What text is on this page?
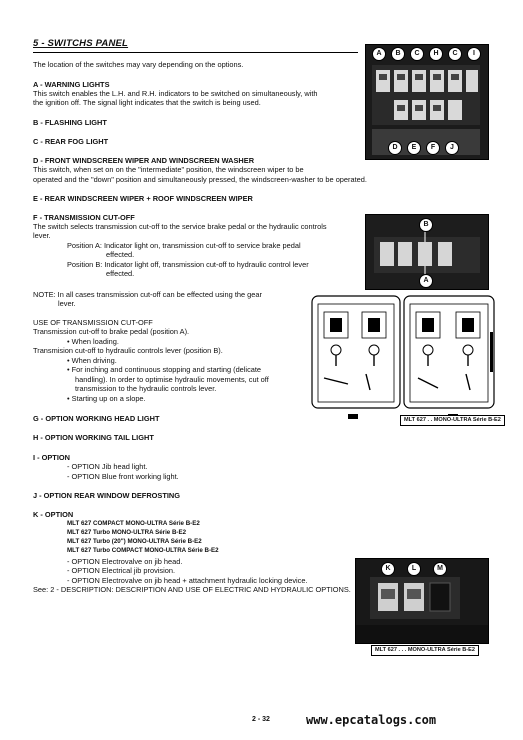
5 - SWITCHS PANEL
The location of the switches may vary depending on the options.
A - WARNING LIGHTS
This switch enables the L.H. and R.H. indicators to be switched on simultaneously, with
the ignition off. The signal light indicates that the switch is being used.
B - FLASHING LIGHT
C - REAR FOG LIGHT
D - FRONT WINDSCREEN WIPER AND WINDSCREEN WASHER
This switch, when set on on the "intermediate" position, the windscreen wiper to be
operated and the "down" position and simultaneously pressed, the windscreen-washer to be operated.
E - REAR WINDSCREEN WIPER + ROOF WINDSCREEN WIPER
F - TRANSMISSION CUT-OFF
The switch selects transmission cut-off to the service brake pedal or the hydraulic controls
lever.
Position A: Indicator light on, transmission cut-off to service brake pedal
effected.
Position B: Indicator light off, transmission cut-off to hydraulic control lever
effected.
NOTE: In all cases transmission cut-off can be effected using the gear
lever.
USE OF TRANSMISSION CUT-OFF
Transmission cut-off to brake pedal (position A).
• When loading.
Transmision cut-off to hydraulic controls lever (position B).
• When driving.
• For inching and continuous stopping and starting (delicate
handling). In order to optimise hydraulic movements, cut off
transmission to the hydraulic controls lever.
• Starting up on a slope.
G - OPTION WORKING HEAD LIGHT
H - OPTION WORKING TAIL LIGHT
I - OPTION
- OPTION Jib head light.
- OPTION Blue front working light.
J - OPTION REAR WINDOW DEFROSTING
K - OPTION
MLT 627 COMPACT MONO-ULTRA Série B-E2
MLT 627 Turbo MONO-ULTRA Série B-E2
MLT 627 Turbo (20") MONO-ULTRA Série B-E2
MLT 627 Turbo COMPACT MONO-ULTRA Série B-E2
- OPTION Electrovalve on jib head.
- OPTION Electrical jib provision.
- OPTION Electrovalve on jib head + attachment hydraulic locking device.
See: 2 - DESCRIPTION: DESCRIPTION AND USE OF ELECTRIC AND HYDRAULIC OPTIONS.
A	B	C	H	C	I
D	E	F	J
B
A
MLT 627 . . MONO-ULTRA Série B-E2
K	L	M
MLT 627 . . . MONO-ULTRA Série B-E2
2 - 32	www.epcatalogs.com
